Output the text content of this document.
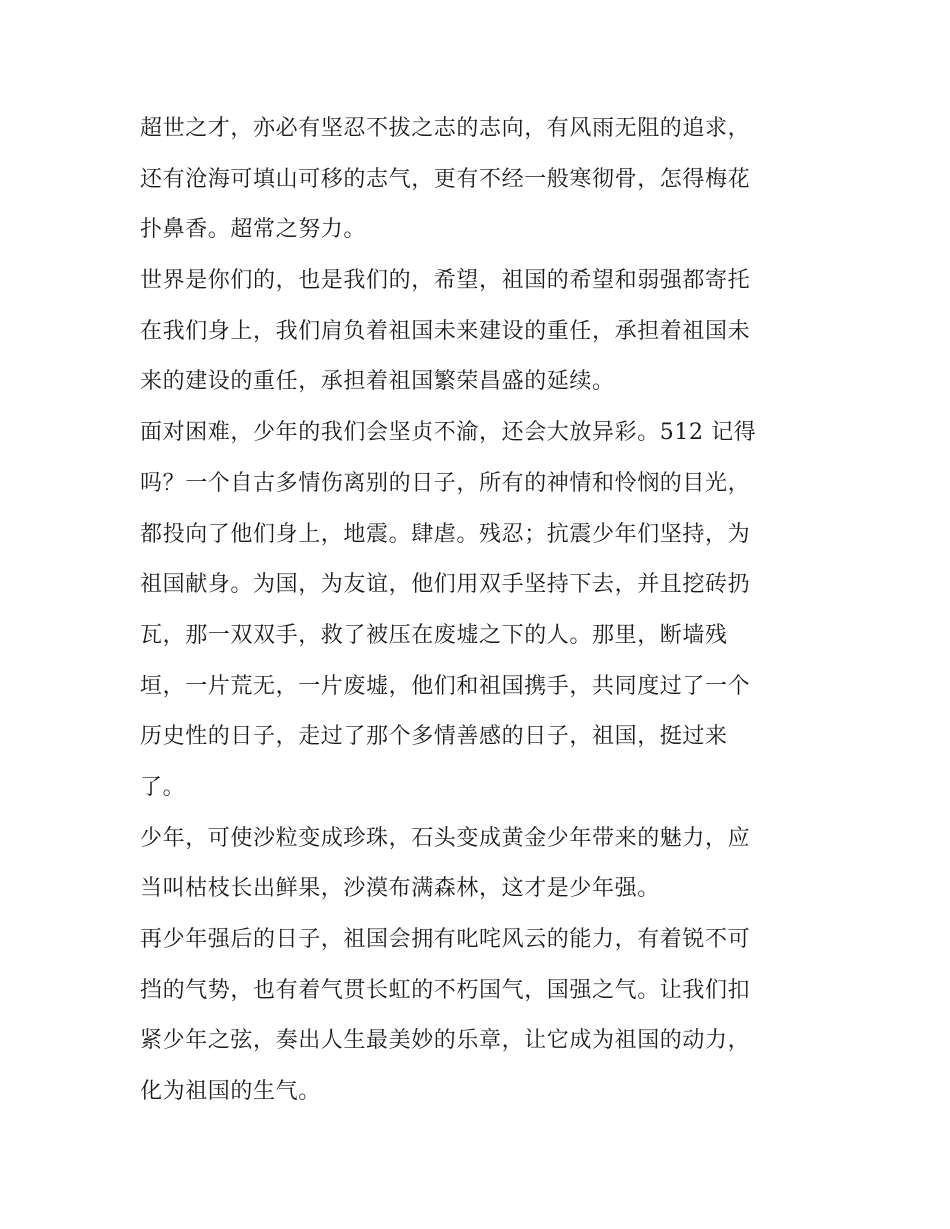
超世之才，亦必有坚忍不拔之志的志向，有风雨无阻的追求，
还有沧海可填山可移的志气，更有不经一般寒彻骨，怎得梅花
扑鼻香。超常之努力。
世界是你们的，也是我们的，希望，祖国的希望和弱强都寄托
在我们身上，我们肩负着祖国未来建设的重任，承担着祖国未
来的建设的重任，承担着祖国繁荣昌盛的延续。
面对困难，少年的我们会坚贞不渝，还会大放异彩。512 记得
吗？一个自古多情伤离别的日子，所有的神情和怜悯的目光，
都投向了他们身上，地震。肆虐。残忍；抗震少年们坚持，为
祖国献身。为国，为友谊，他们用双手坚持下去，并且挖砖扔
瓦，那一双双手，救了被压在废墟之下的人。那里，断墙残
垣，一片荒无，一片废墟，他们和祖国携手，共同度过了一个
历史性的日子，走过了那个多情善感的日子，祖国，挺过来
了。
少年，可使沙粒变成珍珠，石头变成黄金少年带来的魅力，应
当叫枯枝长出鲜果，沙漠布满森林，这才是少年强。
再少年强后的日子，祖国会拥有叱咤风云的能力，有着锐不可
挡的气势，也有着气贯长虹的不朽国气，国强之气。让我们扣
紧少年之弦，奏出人生最美妙的乐章，让它成为祖国的动力，
化为祖国的生气。
